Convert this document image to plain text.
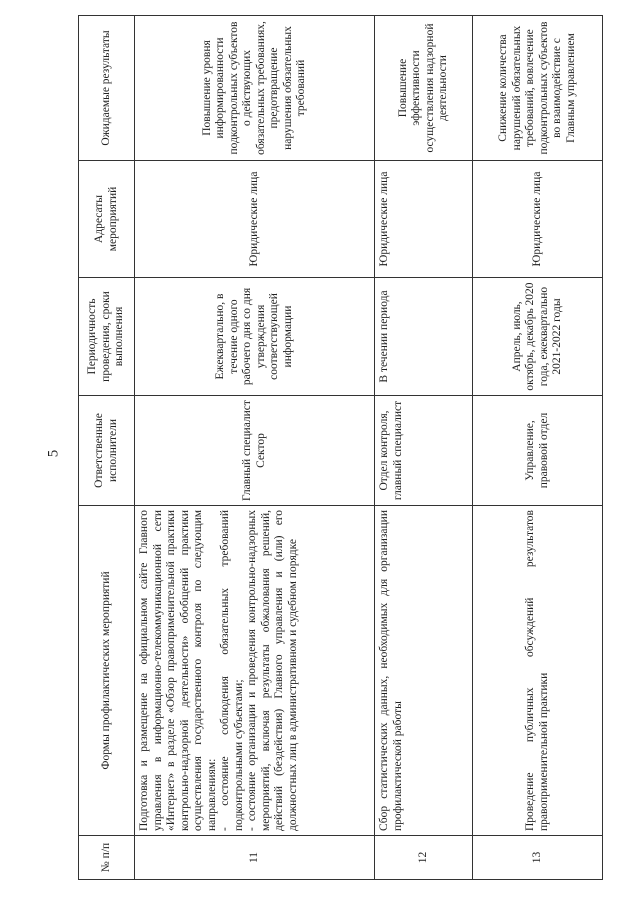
5
№ п/п	Формы профилактических мероприятий	Ответственные исполнители	Периодичность проведения, сроки выполнения	Адресаты мероприятий	Ожидаемые результаты
11	Подготовка и размещение на официальном сайте Главного управления в информационно-телекоммуникационной сети «Интернет» в разделе «Обзор правоприменительной практики контрольно-надзорной деятельности» обобщений практики осуществления государственного контроля по следующим направлениям:
- состояние соблюдения обязательных требований подконтрольными субъектами;
- состояние организации и проведения контрольно-надзорных мероприятий, включая результаты обжалования решений, действий (бездействия) Главного управления и (или) его должностных лиц в административном и судебном порядке	Главный специалист Сектор	Ежеквартально, в течение одного рабочего дня со дня утверждения соответствующей информации	Юридические лица	Повышение уровня информированности подконтрольных субъектов о действующих обязательных требованиях, предотвращение нарушения обязательных требований
12	Сбор статистических данных, необходимых для организации профилактической работы	Отдел контроля, главный специалист	В течении периода	Юридические лица	Повышение эффективности осуществления надзорной деятельности
13	Проведение публичных обсуждений результатов правоприменительной практики	Управление, правовой отдел	Апрель, июль, октябрь, декабрь 2020 года, ежеквартально 2021-2022 годы	Юридические лица	Снижение количества нарушений обязательных требований, вовлечение подконтрольных субъектов во взаимодействие с Главным управлением
